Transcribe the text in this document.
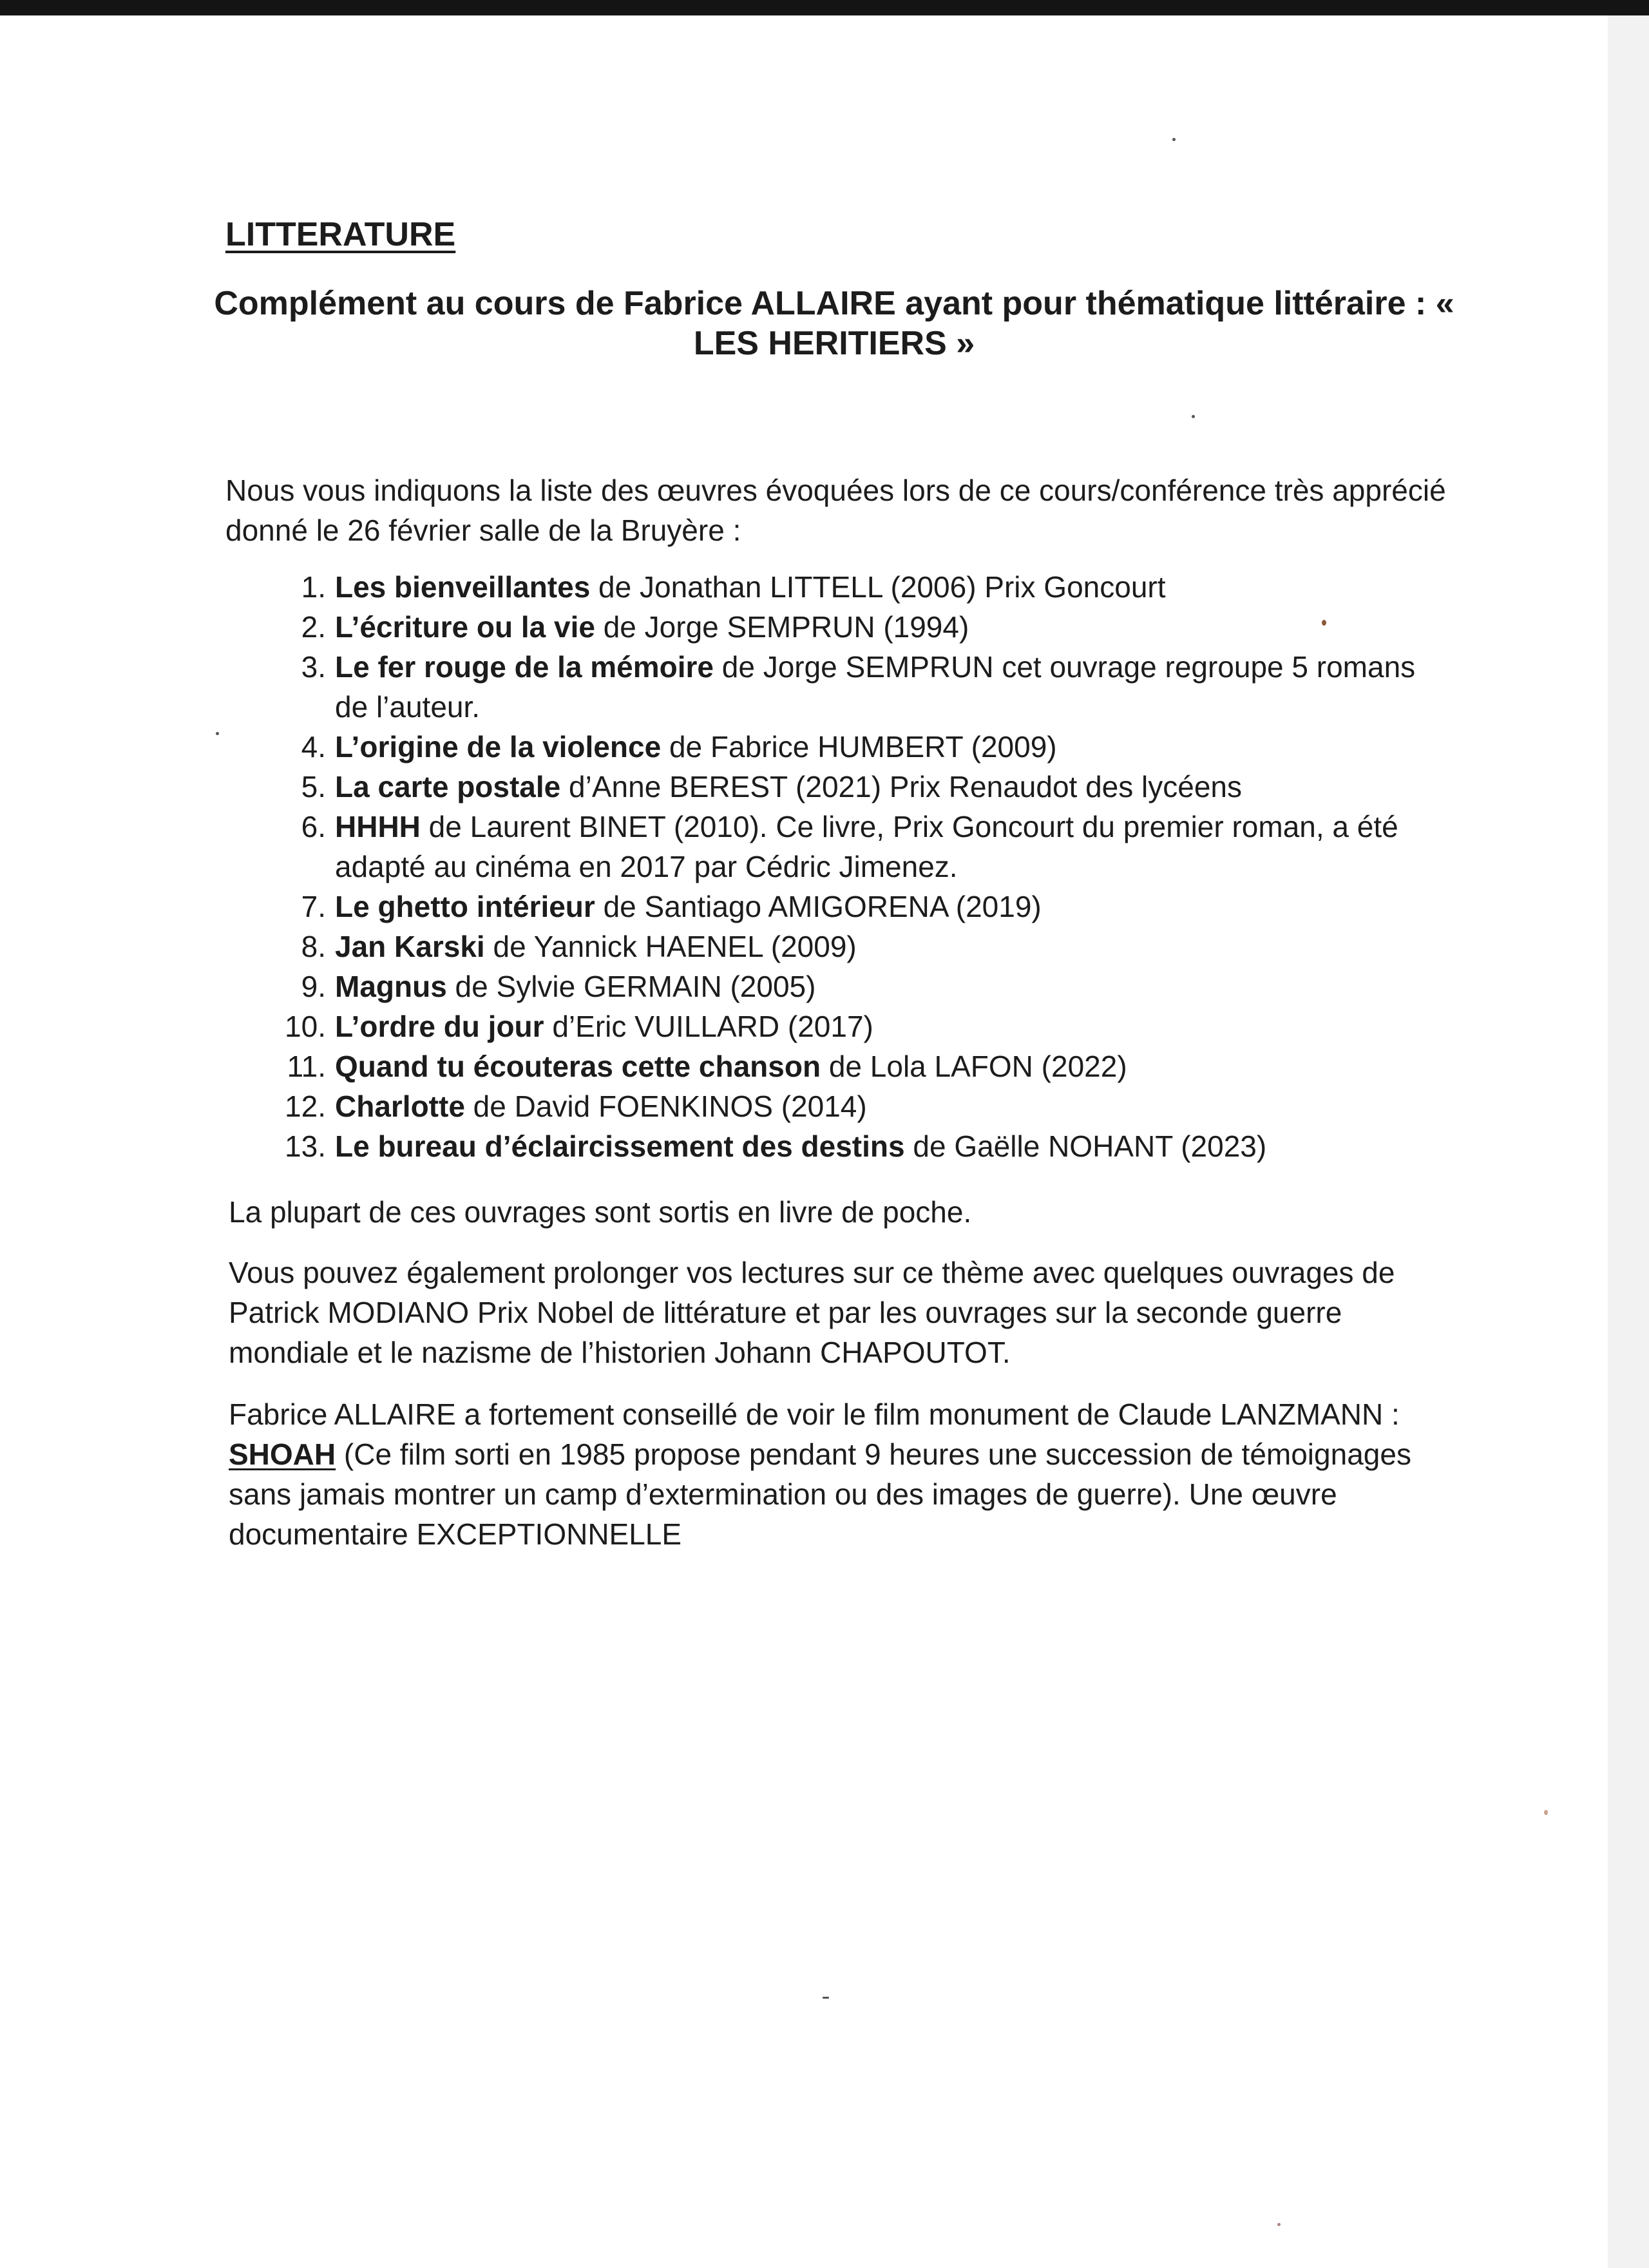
LITTERATURE
Complément au cours de Fabrice ALLAIRE ayant pour thématique littéraire : « LES HERITIERS »

Nous vous indiquons la liste des œuvres évoquées lors de ce cours/conférence très apprécié donné le 26 février salle de la Bruyère :

1. Les bienveillantes de Jonathan LITTELL (2006) Prix Goncourt
2. L’écriture ou la vie de Jorge SEMPRUN (1994)
3. Le fer rouge de la mémoire de Jorge SEMPRUN cet ouvrage regroupe 5 romans de l’auteur.
4. L’origine de la violence de Fabrice HUMBERT (2009)
5. La carte postale d’Anne BEREST (2021) Prix Renaudot des lycéens
6. HHHH de Laurent BINET (2010). Ce livre, Prix Goncourt du premier roman, a été adapté au cinéma en 2017 par Cédric Jimenez.
7. Le ghetto intérieur de Santiago AMIGORENA (2019)
8. Jan Karski de Yannick HAENEL (2009)
9. Magnus de Sylvie GERMAIN (2005)
10. L’ordre du jour d’Eric VUILLARD (2017)
11. Quand tu écouteras cette chanson de Lola LAFON (2022)
12. Charlotte de David FOENKINOS (2014)
13. Le bureau d’éclaircissement des destins de Gaëlle NOHANT (2023)

La plupart de ces ouvrages sont sortis en livre de poche.

Vous pouvez également prolonger vos lectures sur ce thème avec quelques ouvrages de Patrick MODIANO Prix Nobel de littérature et par les ouvrages sur la seconde guerre mondiale et le nazisme de l’historien Johann CHAPOUTOT.

Fabrice ALLAIRE a fortement conseillé de voir le film monument de Claude LANZMANN : SHOAH (Ce film sorti en 1985 propose pendant 9 heures une succession de témoignages sans jamais montrer un camp d’extermination ou des images de guerre). Une œuvre documentaire EXCEPTIONNELLE
